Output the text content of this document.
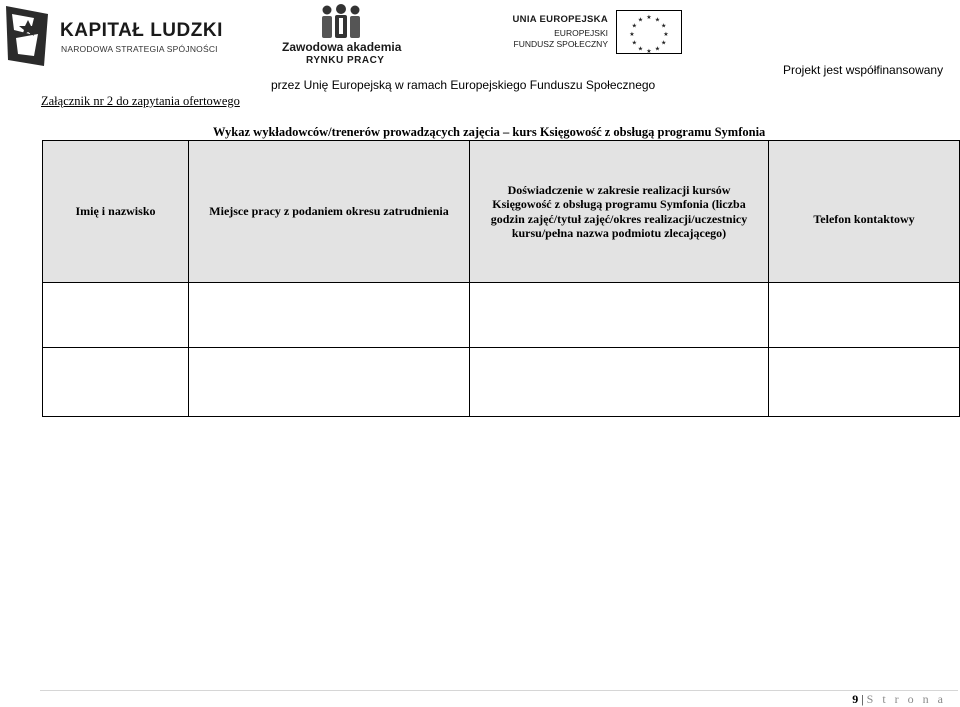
KAPITAŁ LUDZKI
NARODOWA STRATEGIA SPÓJNOŚCI	Zawodowa akademia
RYNKU PRACY
UNIA EUROPEJSKA
EUROPEJSKI
FUNDUSZ SPOŁECZNY
★ ★
★
★
★
★
★
★
★
★
★
★
Projekt jest współfinansowany
przez Unię Europejską w ramach Europejskiego Funduszu Społecznego
Załącznik nr 2 do zapytania ofertowego
Wykaz wykładowców/trenerów prowadzących zajęcia – kurs Księgowość z obsługą programu Symfonia
Imię i nazwisko	Miejsce pracy z podaniem okresu zatrudnienia	Doświadczenie w zakresie realizacji kursów Księgowość z obsługą programu Symfonia (liczba godzin zajęć/tytuł zajęć/okres realizacji/uczestnicy kursu/pełna nazwa podmiotu zlecającego)	Telefon kontaktowy

9 | S t r o n a
